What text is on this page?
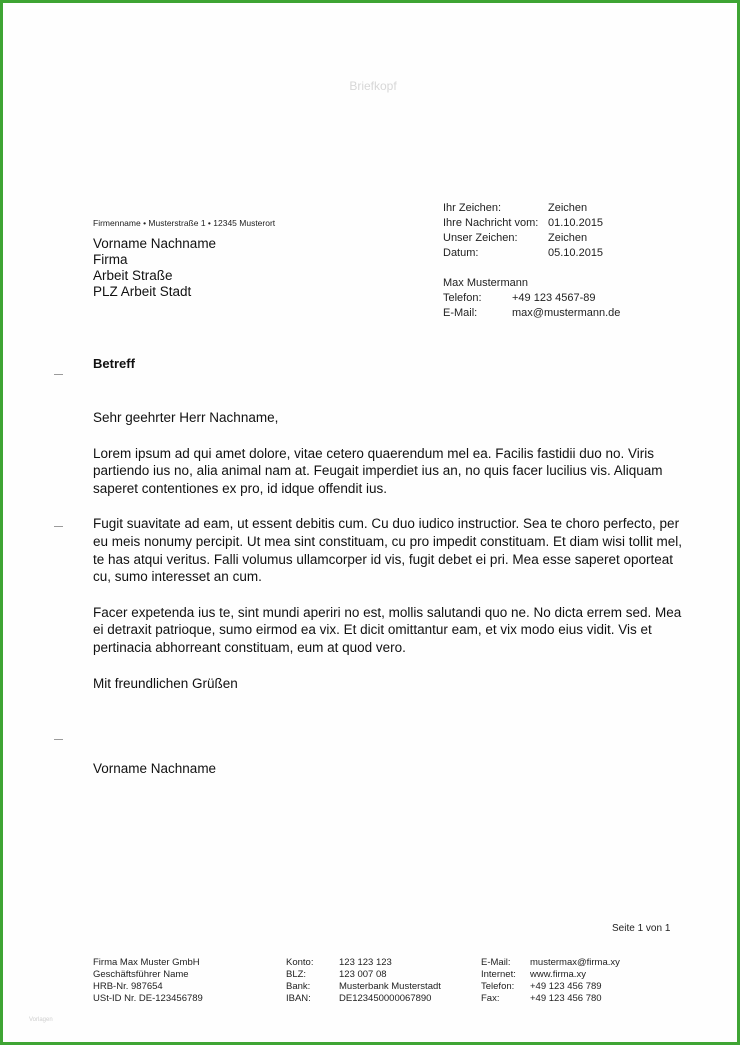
Briefkopf
Firmenname • Musterstraße 1 • 12345 Musterort
Vorname Nachname
Firma
Arbeit Straße
PLZ Arbeit Stadt
Ihr Zeichen:	Zeichen
Ihre Nachricht vom: 01.10.2015
Unser Zeichen:	Zeichen
Datum:	05.10.2015
Max Mustermann
Telefon:	+49 123 4567-89
E-Mail:	max@mustermann.de
Betreff

Sehr geehrter Herr Nachname,

Lorem ipsum ad qui amet dolore, vitae cetero quaerendum mel ea. Facilis fastidii duo no. Viris partiendo ius no, alia animal nam at. Feugait imperdiet ius an, no quis facer lucilius vis. Aliquam saperet contentiones ex pro, id idque offendit ius.

Fugit suavitate ad eam, ut essent debitis cum. Cu duo iudico instructior. Sea te choro perfecto, per eu meis nonumy percipit. Ut mea sint constituam, cu pro impedit constituam. Et diam wisi tollit mel, te has atqui veritus. Falli volumus ullamcorper id vis, fugit debet ei pri. Mea esse saperet oporteat cu, sumo interesset an cum.

Facer expetenda ius te, sint mundi aperiri no est, mollis salutandi quo ne. No dicta errem sed. Mea ei detraxit patrioque, sumo eirmod ea vix. Et dicit omittantur eam, et vix modo eius vidit. Vis et pertinacia abhorreant constituam, eum at quod vero.

Mit freundlichen Grüßen

Vorname Nachname
Seite 1 von 1
Firma Max Muster GmbH
Geschäftsführer Name
HRB-Nr. 987654
USt-ID Nr. DE-123456789
Konto:	123 123 123
BLZ:	123 007 08
Bank:	Musterbank Musterstadt
IBAN:	DE123450000067890
E-Mail:	mustermax@firma.xy
Internet:	www.firma.xy
Telefon:	+49 123 456 789
Fax:	+49 123 456 780
Vorlagen
